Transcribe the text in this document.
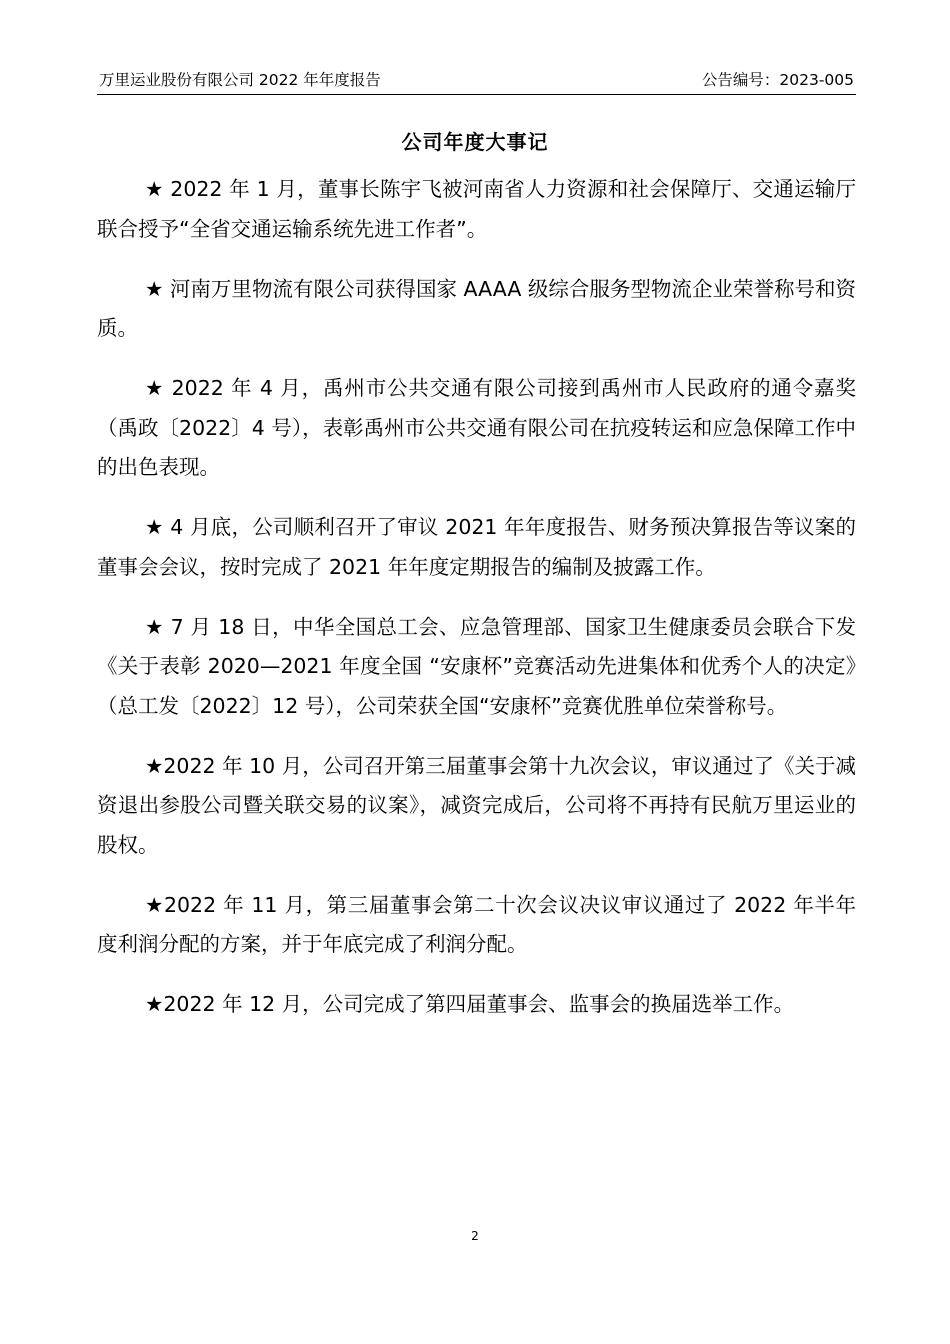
万里运业股份有限公司 2022 年年度报告	公告编号：2023-005
公司年度大事记

★ 2022 年 1 月，董事长陈宇飞被河南省人力资源和社会保障厅、交通运输厅联合授予“全省交通运输系统先进工作者”。

★ 河南万里物流有限公司获得国家 AAAA 级综合服务型物流企业荣誉称号和资质。

★ 2022 年 4 月，禹州市公共交通有限公司接到禹州市人民政府的通令嘉奖（禹政〔2022〕4 号），表彰禹州市公共交通有限公司在抗疫转运和应急保障工作中的出色表现。

★ 4 月底，公司顺利召开了审议 2021 年年度报告、财务预决算报告等议案的董事会会议，按时完成了 2021 年年度定期报告的编制及披露工作。

★ 7 月 18 日，中华全国总工会、应急管理部、国家卫生健康委员会联合下发《关于表彰 2020—2021 年度全国 “安康杯”竞赛活动先进集体和优秀个人的决定》（总工发〔2022〕12 号），公司荣获全国“安康杯”竞赛优胜单位荣誉称号。

★2022 年 10 月，公司召开第三届董事会第十九次会议，审议通过了《关于减资退出参股公司暨关联交易的议案》，减资完成后，公司将不再持有民航万里运业的股权。

★2022 年 11 月，第三届董事会第二十次会议决议审议通过了 2022 年半年度利润分配的方案，并于年底完成了利润分配。

★2022 年 12 月，公司完成了第四届董事会、监事会的换届选举工作。

2
